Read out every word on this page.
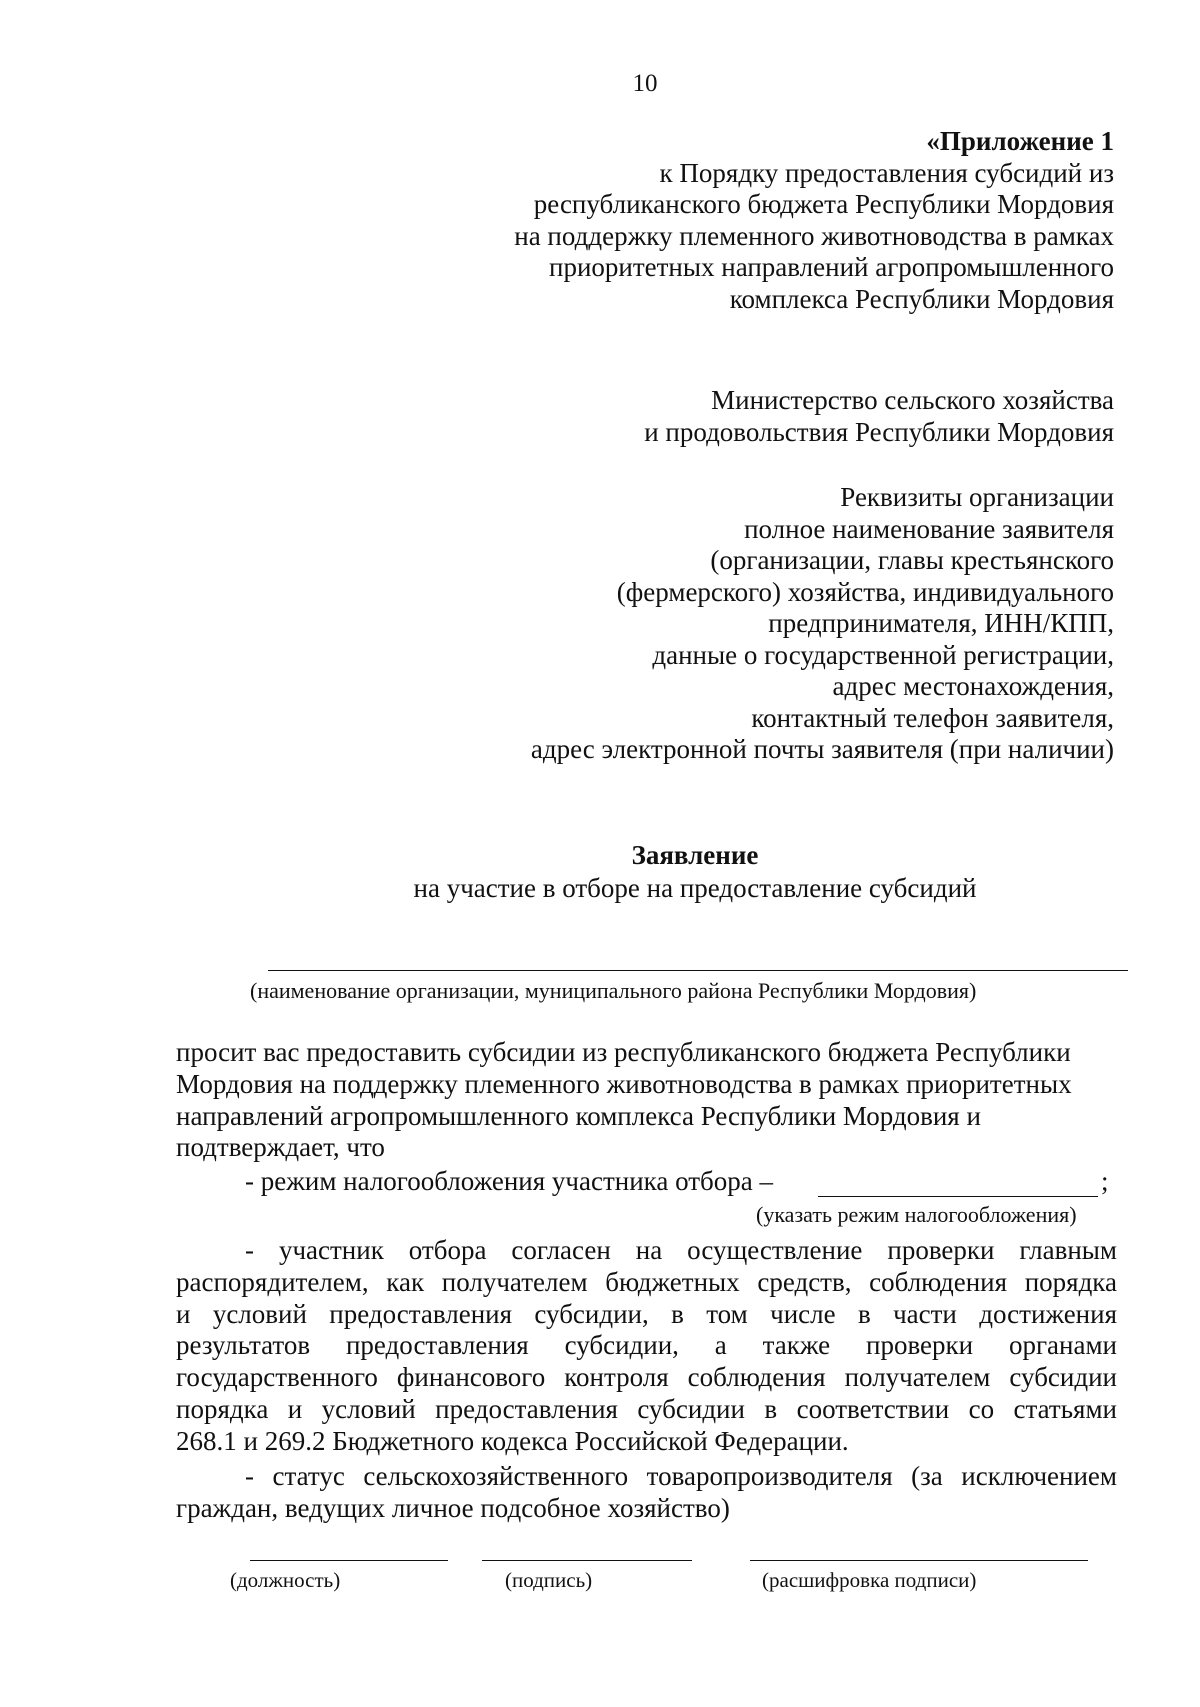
10
«Приложение 1
к Порядку предоставления субсидий из
республиканского бюджета Республики Мордовия
на поддержку племенного животноводства в рамках
приоритетных направлений агропромышленного
комплекса Республики Мордовия
Министерство сельского хозяйства
и продовольствия Республики Мордовия
Реквизиты организации
полное наименование заявителя
(организации, главы крестьянского
(фермерского) хозяйства, индивидуального
предпринимателя, ИНН/КПП,
данные о государственной регистрации,
адрес местонахождения,
контактный телефон заявителя,
адрес электронной почты заявителя (при наличии)
Заявление
на участие в отборе на предоставление субсидий
(наименование организации, муниципального района Республики Мордовия)
просит вас предоставить субсидии из республиканского бюджета Республики
Мордовия на поддержку племенного животноводства в рамках приоритетных
направлений агропромышленного комплекса Республики Мордовия и
подтверждает, что
- режим налогообложения участника отбора –	;
(указать режим налогообложения)
- участник отбора согласен на осуществление проверки главным
распорядителем, как получателем бюджетных средств, соблюдения порядка
и условий предоставления субсидии, в том числе в части достижения
результатов предоставления субсидии, а также проверки органами
государственного финансового контроля соблюдения получателем субсидии
порядка и условий предоставления субсидии в соответствии со статьями
268.1 и 269.2 Бюджетного кодекса Российской Федерации.
- статус сельскохозяйственного товаропроизводителя (за исключением
граждан, ведущих личное подсобное хозяйство)
(должность)	(подпись)	(расшифровка подписи)
